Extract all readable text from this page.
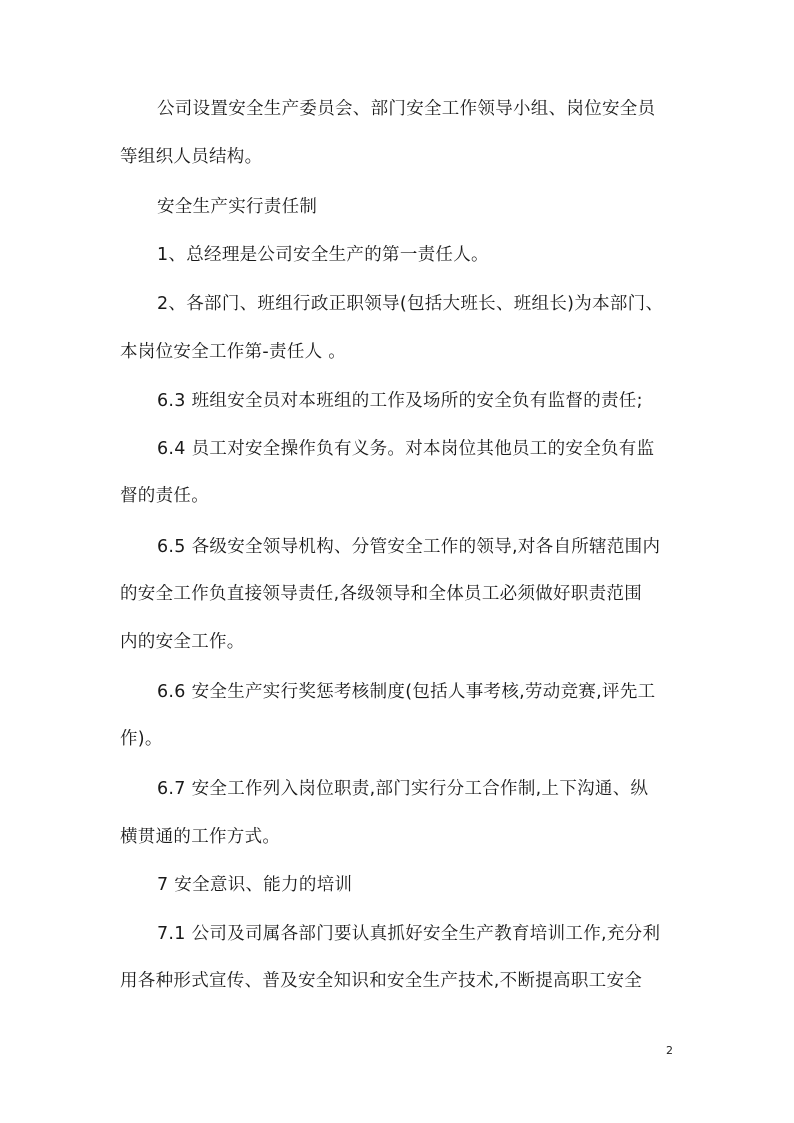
公司设置安全生产委员会、部门安全工作领导小组、岗位安全员
等组织人员结构。
安全生产实行责任制
1、总经理是公司安全生产的第一责任人。
2、各部门、班组行政正职领导(包括大班长、班组长)为本部门、
本岗位安全工作第-责任人 。
6.3 班组安全员对本班组的工作及场所的安全负有监督的责任;
6.4 员工对安全操作负有义务。对本岗位其他员工的安全负有监
督的责任。
6.5 各级安全领导机构、分管安全工作的领导,对各自所辖范围内
的安全工作负直接领导责任,各级领导和全体员工必须做好职责范围
内的安全工作。
6.6 安全生产实行奖惩考核制度(包括人事考核,劳动竞赛,评先工
作)。
6.7 安全工作列入岗位职责,部门实行分工合作制,上下沟通、纵
横贯通的工作方式。
7 安全意识、能力的培训
7.1 公司及司属各部门要认真抓好安全生产教育培训工作,充分利
用各种形式宣传、普及安全知识和安全生产技术,不断提高职工安全
2
